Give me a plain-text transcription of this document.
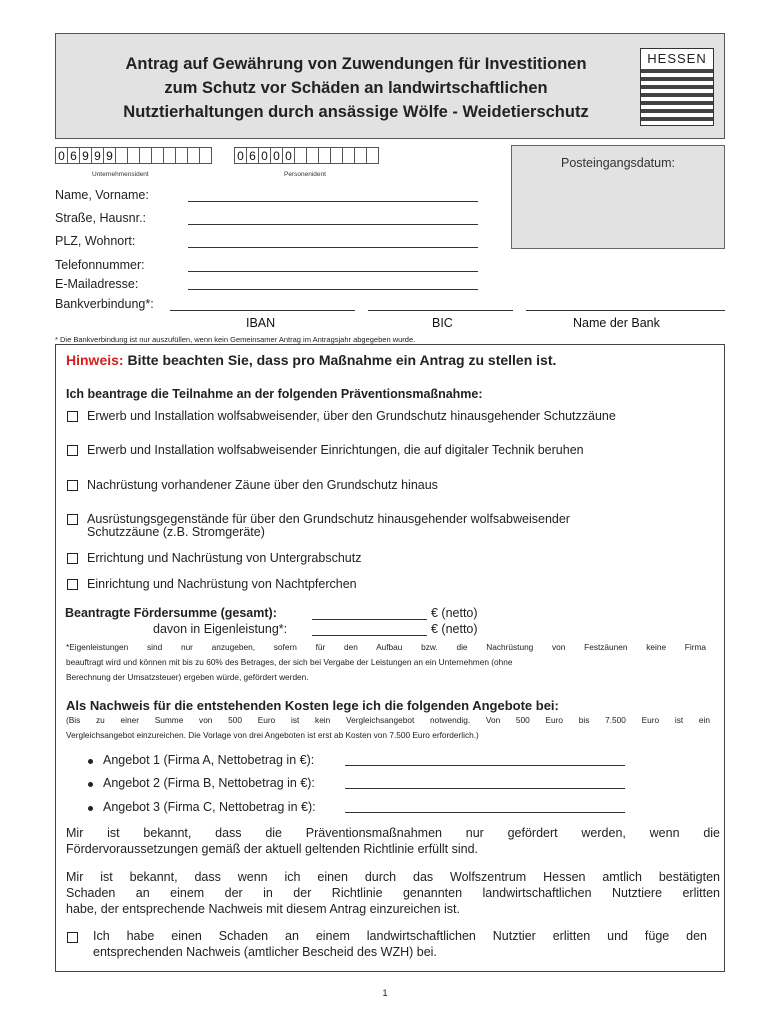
Antrag auf Gewährung von Zuwendungen für Investitionen
zum Schutz vor Schäden an landwirtschaftlichen
Nutztierhaltungen durch ansässige Wölfe - Weidetierschutz
HESSEN
0 6 9 9 9
Unternehmensident
0 6 0 0 0
Personenident
Posteingangsdatum:
Name, Vorname:
Straße, Hausnr.:
PLZ, Wohnort:
Telefonnummer:
E-Mailadresse:
Bankverbindung*:
IBAN	BIC	Name der Bank
* Die Bankverbindung ist nur auszufüllen, wenn kein Gemeinsamer Antrag im Antragsjahr abgegeben wurde.
Hinweis: Bitte beachten Sie, dass pro Maßnahme ein Antrag zu stellen ist.
Ich beantrage die Teilnahme an der folgenden Präventionsmaßnahme:
Erwerb und Installation wolfsabweisender, über den Grundschutz hinausgehender Schutzzäune
Erwerb und Installation wolfsabweisender Einrichtungen, die auf digitaler Technik beruhen
Nachrüstung vorhandener Zäune über den Grundschutz hinaus
Ausrüstungsgegenstände für über den Grundschutz hinausgehender wolfsabweisender
Schutzzäune (z.B. Stromgeräte)
Errichtung und Nachrüstung von Untergrabschutz
Einrichtung und Nachrüstung von Nachtpferchen
Beantragte Fördersumme (gesamt):	€ (netto)
davon in Eigenleistung*:	€ (netto)
*Eigenleistungen sind nur anzugeben, sofern für den Aufbau bzw. die Nachrüstung von Festzäunen keine Firma
beauftragt wird und können mit bis zu 60% des Betrages, der sich bei Vergabe der Leistungen an ein Unternehmen (ohne
Berechnung der Umsatzsteuer) ergeben würde, gefördert werden.
Als Nachweis für die entstehenden Kosten lege ich die folgenden Angebote bei:
(Bis zu einer Summe von 500 Euro ist kein Vergleichsangebot notwendig. Von 500 Euro bis 7.500 Euro ist ein
Vergleichsangebot einzureichen. Die Vorlage von drei Angeboten ist erst ab Kosten von 7.500 Euro erforderlich.)
Angebot 1 (Firma A, Nettobetrag in €):
Angebot 2 (Firma B, Nettobetrag in €):
Angebot 3 (Firma C, Nettobetrag in €):
Mir ist bekannt, dass die Präventionsmaßnahmen nur gefördert werden, wenn die
Fördervoraussetzungen gemäß der aktuell geltenden Richtlinie erfüllt sind.
Mir ist bekannt, dass wenn ich einen durch das Wolfszentrum Hessen amtlich bestätigten
Schaden an einem der in der Richtlinie genannten landwirtschaftlichen Nutztiere erlitten
habe, der entsprechende Nachweis mit diesem Antrag einzureichen ist.
Ich habe einen Schaden an einem landwirtschaftlichen Nutztier erlitten und füge den
entsprechenden Nachweis (amtlicher Bescheid des WZH) bei.
1
